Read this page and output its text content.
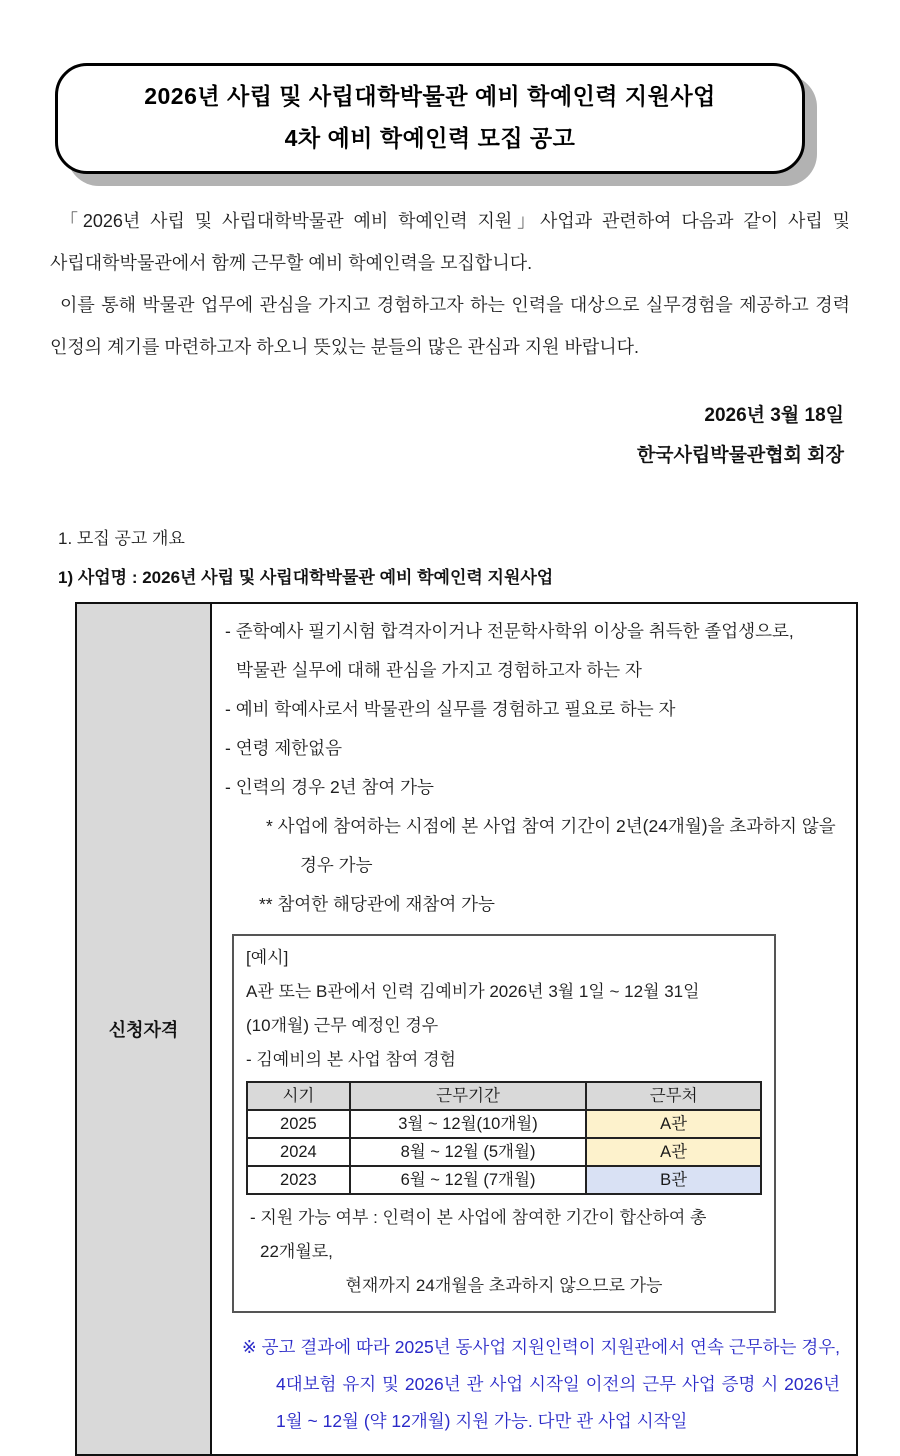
2026년 사립 및 사립대학박물관 예비 학예인력 지원사업
4차 예비 학예인력 모집 공고

「2026년 사립 및 사립대학박물관 예비 학예인력 지원」사업과 관련하여 다음과 같이 사립 및 사립대학박물관에서 함께 근무할 예비 학예인력을 모집합니다.

이를 통해 박물관 업무에 관심을 가지고 경험하고자 하는 인력을 대상으로 실무경험을 제공하고 경력 인정의 계기를 마련하고자 하오니 뜻있는 분들의 많은 관심과 지원 바랍니다.

2026년 3월 18일
한국사립박물관협회 회장
1. 모집 공고 개요
1) 사업명 : 2026년 사립 및 사립대학박물관 예비 학예인력 지원사업
신청자격	
- 준학예사 필기시험 합격자이거나 전문학사학위 이상을 취득한 졸업생으로, 박물관 실무에 대해 관심을 가지고 경험하고자 하는 자
- 예비 학예사로서 박물관의 실무를 경험하고 필요로 하는 자
- 연령 제한없음
- 인력의 경우 2년 참여 가능
* 사업에 참여하는 시점에 본 사업 참여 기간이 2년(24개월)을 초과하지 않을 경우 가능
** 참여한 해당관에 재참여 가능
[예시]
A관 또는 B관에서 인력 김예비가 2026년 3월 1일 ~ 12월 31일(10개월) 근무 예정인 경우
- 김예비의 본 사업 참여 경험
시기	근무기간	근무처
2025	3월 ~ 12월(10개월)	A관
2024	8월 ~ 12월 (5개월)	A관
2023	6월 ~ 12월 (7개월)	B관
- 지원 가능 여부 : 인력이 본 사업에 참여한 기간이 합산하여 총 22개월로,
현재까지 24개월을 초과하지 않으므로 가능
※ 공고 결과에 따라 2025년 동사업 지원인력이 지원관에서 연속 근무하는 경우, 4대보험 유지 및 2026년 관 사업 시작일 이전의 근무 사업 증명 시 2026년 1월 ~ 12월 (약 12개월) 지원 가능. 다만 관 사업 시작일
